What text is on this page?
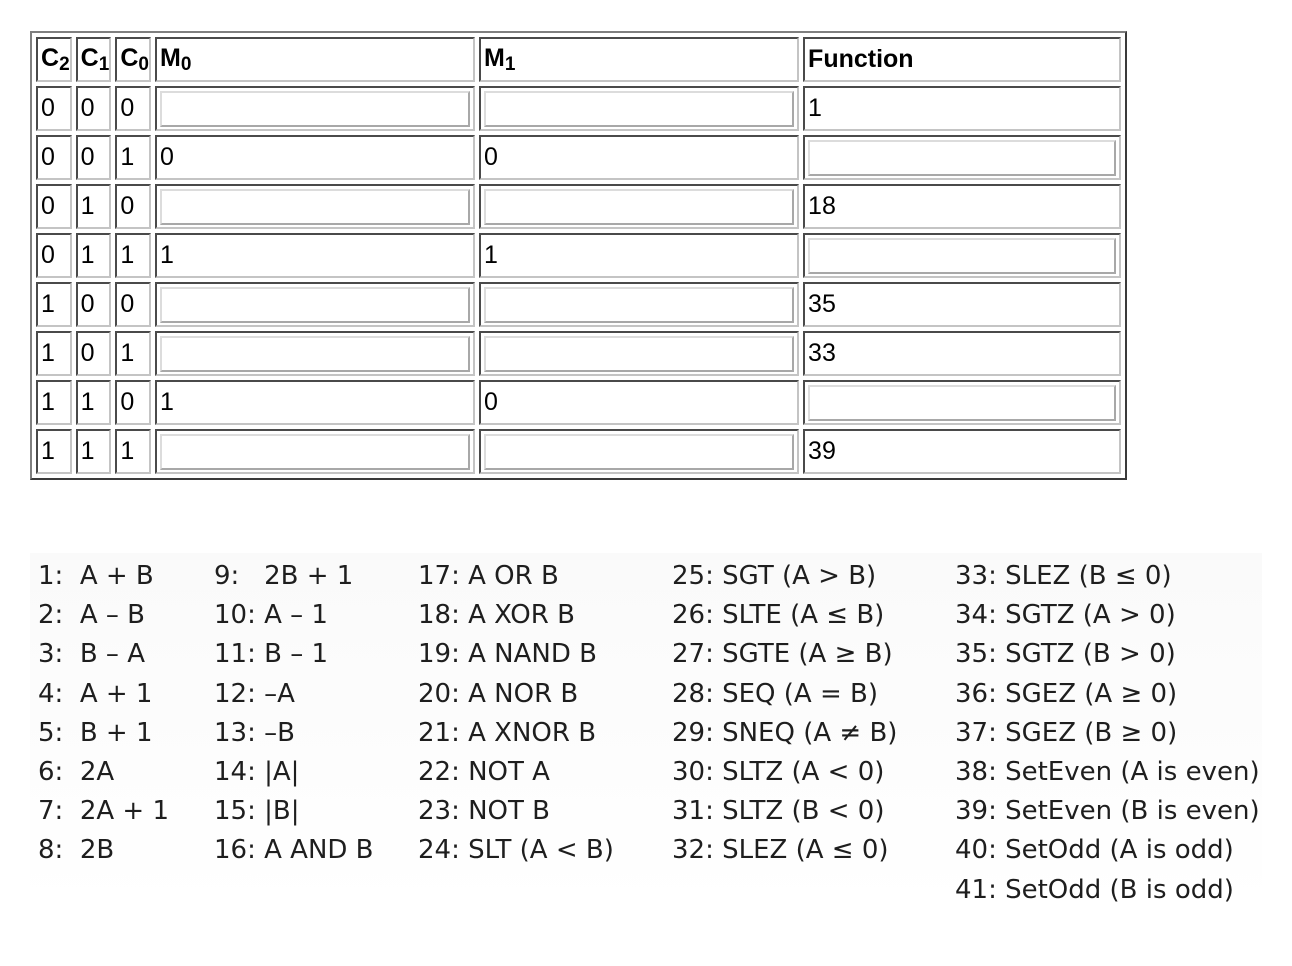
$C_2$	$C_1$	$C_0$	$M_0$	$M_1$	Function
0	0	0			1
0	0	1	0	0	

0	1	0			18
0	1	1	1	1	

1	0	0			35
1	0	1			33
1	1	0	1	0	

1	1	1			39
1:  A + B
2:  A – B
3:  B – A
4:  A + 1
5:  B + 1
6:  2A
7:  2A + 1
8:  2B
9:   2B + 1
10: A – 1
11: B – 1
12: –A
13: –B
14: |A|
15: |B|
16: A AND B
17: A OR B
18: A XOR B
19: A NAND B
20: A NOR B
21: A XNOR B
22: NOT A
23: NOT B
24: SLT (A < B)
25: SGT (A > B)
26: SLTE (A ≤ B)
27: SGTE (A ≥ B)
28: SEQ (A = B)
29: SNEQ (A ≠ B)
30: SLTZ (A < 0)
31: SLTZ (B < 0)
32: SLEZ (A ≤ 0)
33: SLEZ (B ≤ 0)
34: SGTZ (A > 0)
35: SGTZ (B > 0)
36: SGEZ (A ≥ 0)
37: SGEZ (B ≥ 0)
38: SetEven (A is even)
39: SetEven (B is even)
40: SetOdd (A is odd)
41: SetOdd (B is odd)
